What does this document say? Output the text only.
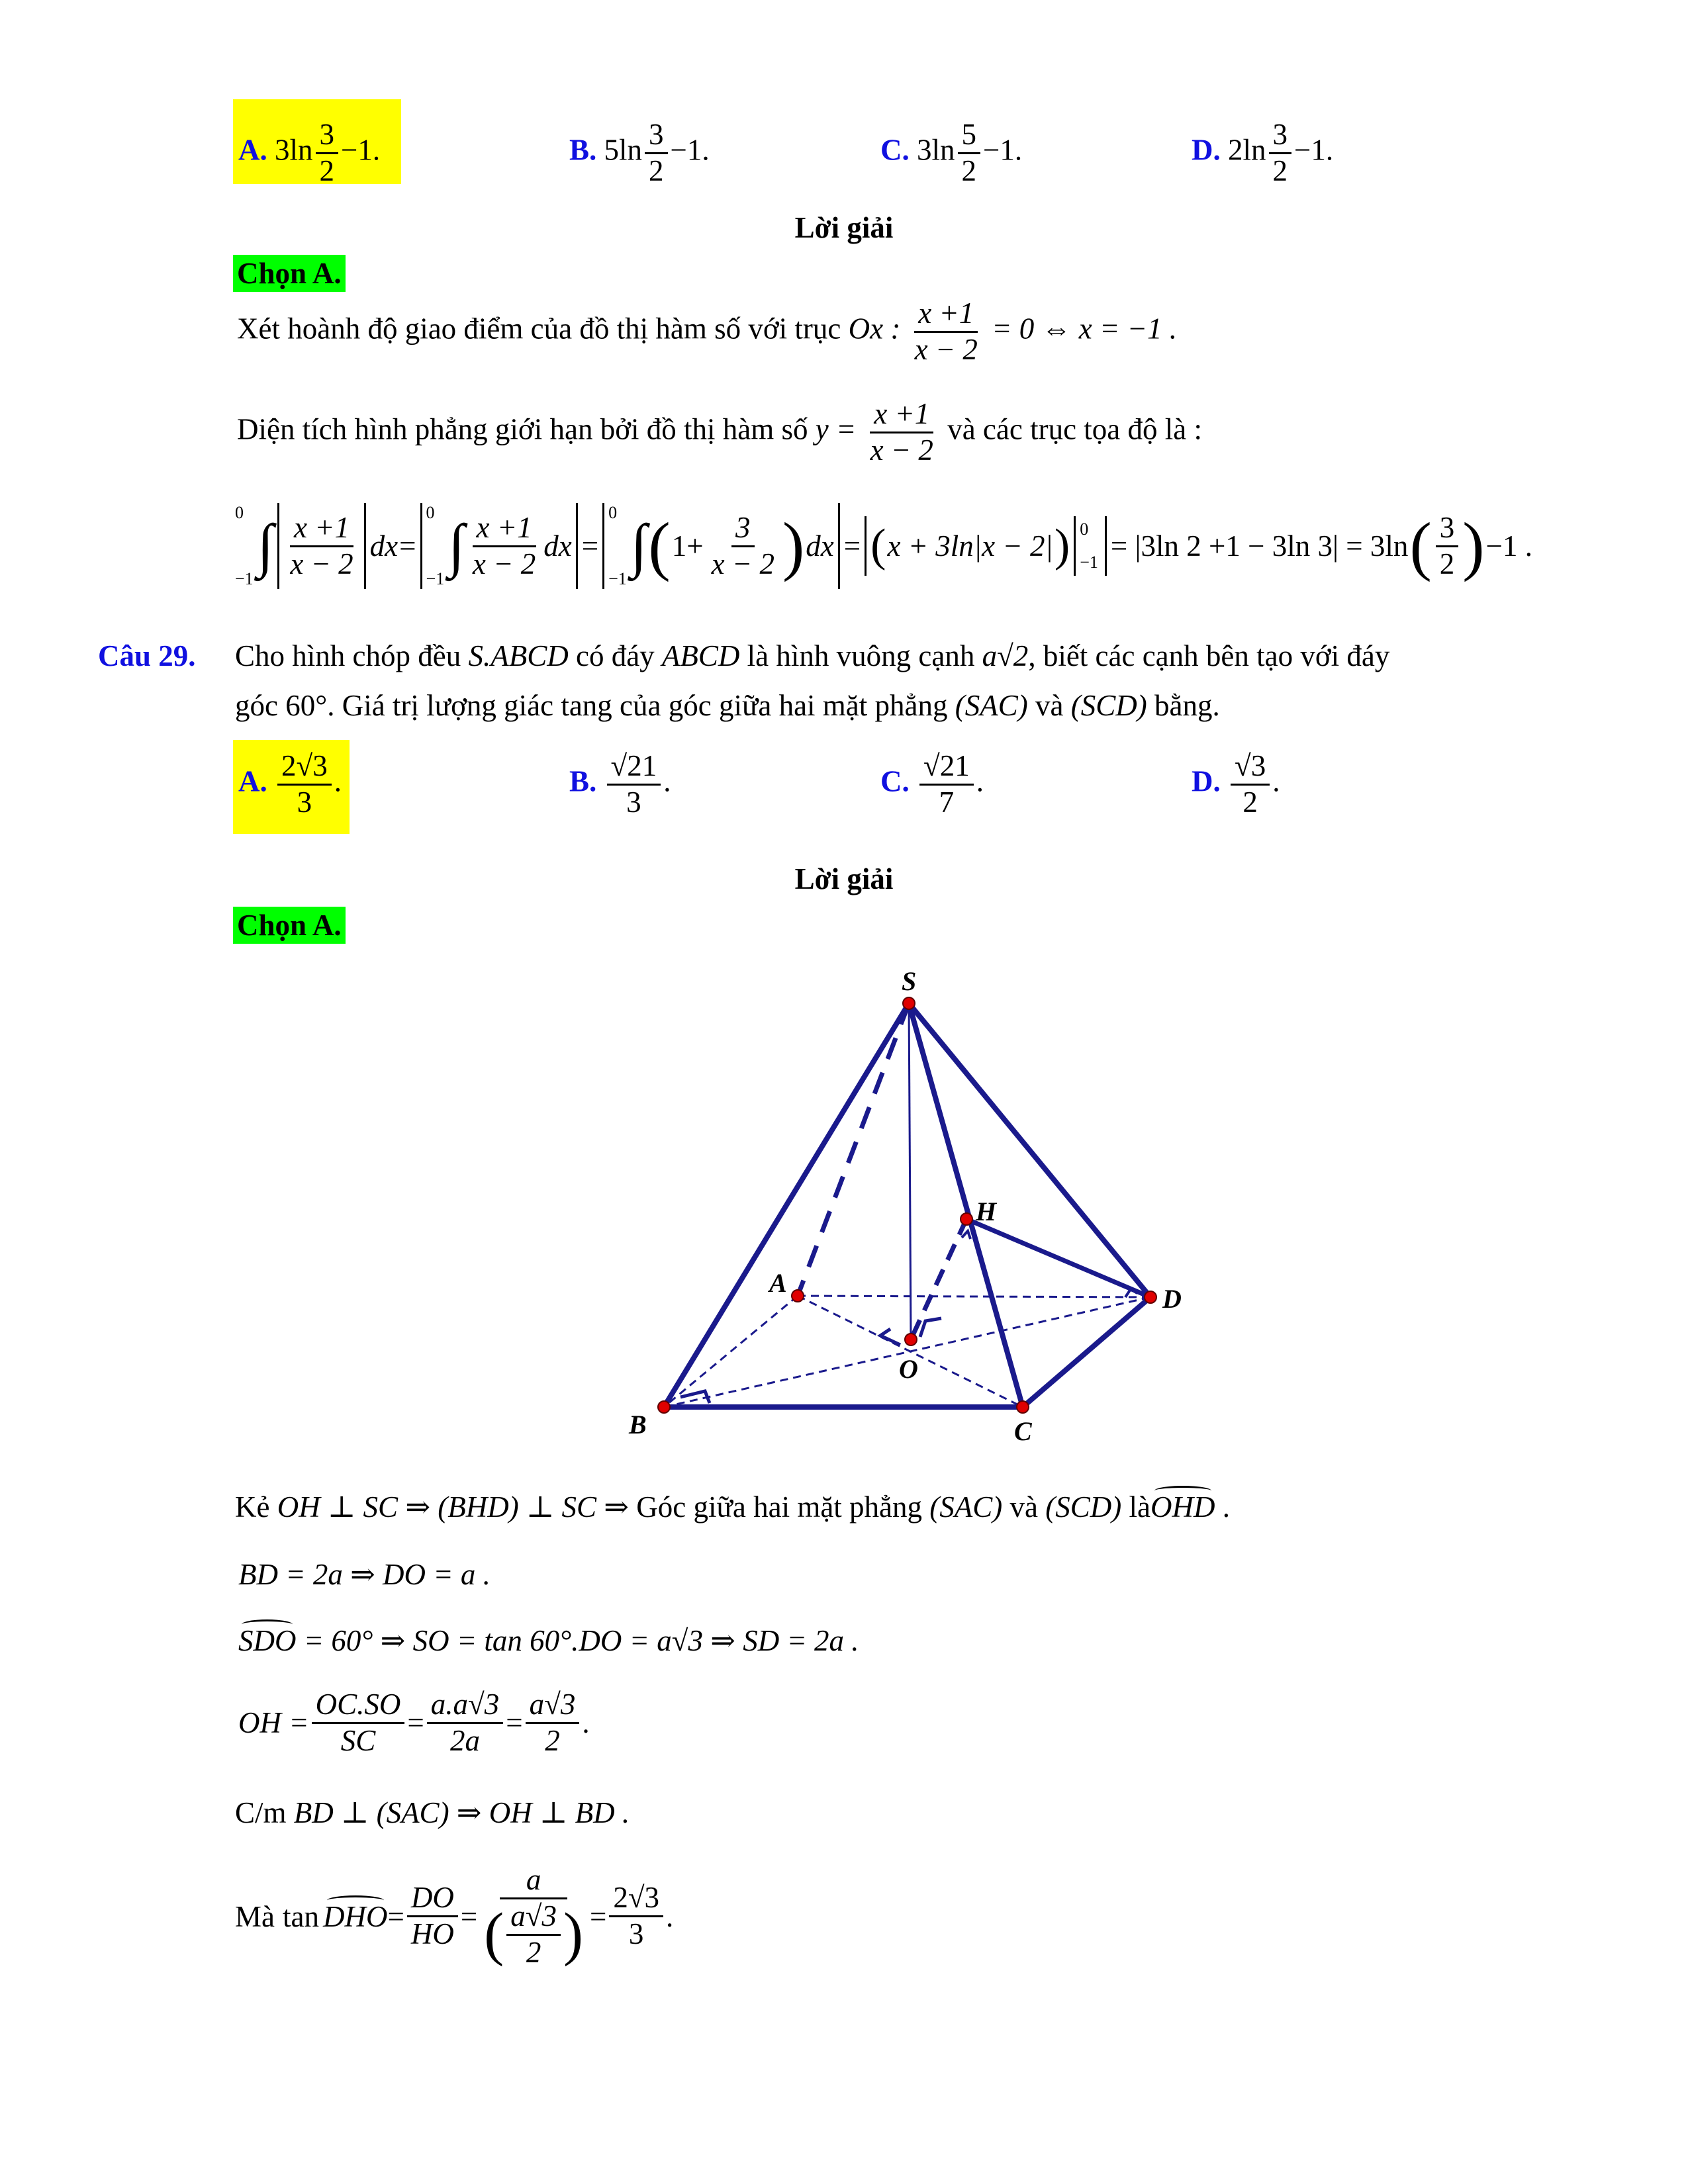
A. $3\ln \frac{3}{2} -1$.	B. $5\ln \frac{3}{2} -1$.	C. $3\ln \frac{5}{2} -1$.	D. $2\ln \frac{3}{2} -1$.
Lời giải
Chọn A.
Xét hoành độ giao điểm của đồ thị hàm số với trục Ox : $\frac{x +1}{x - 2} = 0$ ⇔ x = −1 .
Diện tích hình phẳng giới hạn bởi đồ thị hàm số $y = \frac{x +1}{x - 2}$ và các trục tọa độ là :
0
−1
∫ $\frac{x +1}{x - 2}$ dx =
0
−1
∫ $\frac{x +1}{x - 2}$ dx =
0
−1
∫ ( $1+ \frac{3}{x - 2}$ ) dx = ( x + 3ln|x − 2| ) 0
−1 = |3ln 2 +1 − 3ln 3| = 3ln ( $\frac{3}{2}$ ) −1 .
Câu 29. Cho hình chóp đều S.ABCD có đáy ABCD là hình vuông cạnh a√2, biết các cạnh bên tạo với đáy
góc 60°. Giá trị lượng giác tang của góc giữa hai mặt phẳng (SAC) và (SCD) bằng.
A. $\frac{2√3}{3}$ .	B. $\frac{√21}{3}$ .	C. $\frac{√21}{7}$ .	D. $\frac{√3}{2}$ .
Lời giải
Chọn A.
S
A
B	C
D
O
H
Kẻ OH ⊥ SC ⇒ (BHD) ⊥ SC ⇒ Góc giữa hai mặt phẳng (SAC) và (SCD) làOHD .
BD = 2a ⇒ DO = a .
SDO = 60° ⇒ SO = tan 60°.DO = a√3 ⇒ SD = 2a .
OH = $\frac{OC.SO}{SC} = \frac{a.a√3}{2a} = \frac{a√3}{2}$ .
C/m BD ⊥ (SAC) ⇒ OH ⊥ BD .
Mà tan DHO = $\frac{DO}{HO} = \frac{a}{( \frac{a√3}{2} )} = \frac{2√3}{3}$ .
